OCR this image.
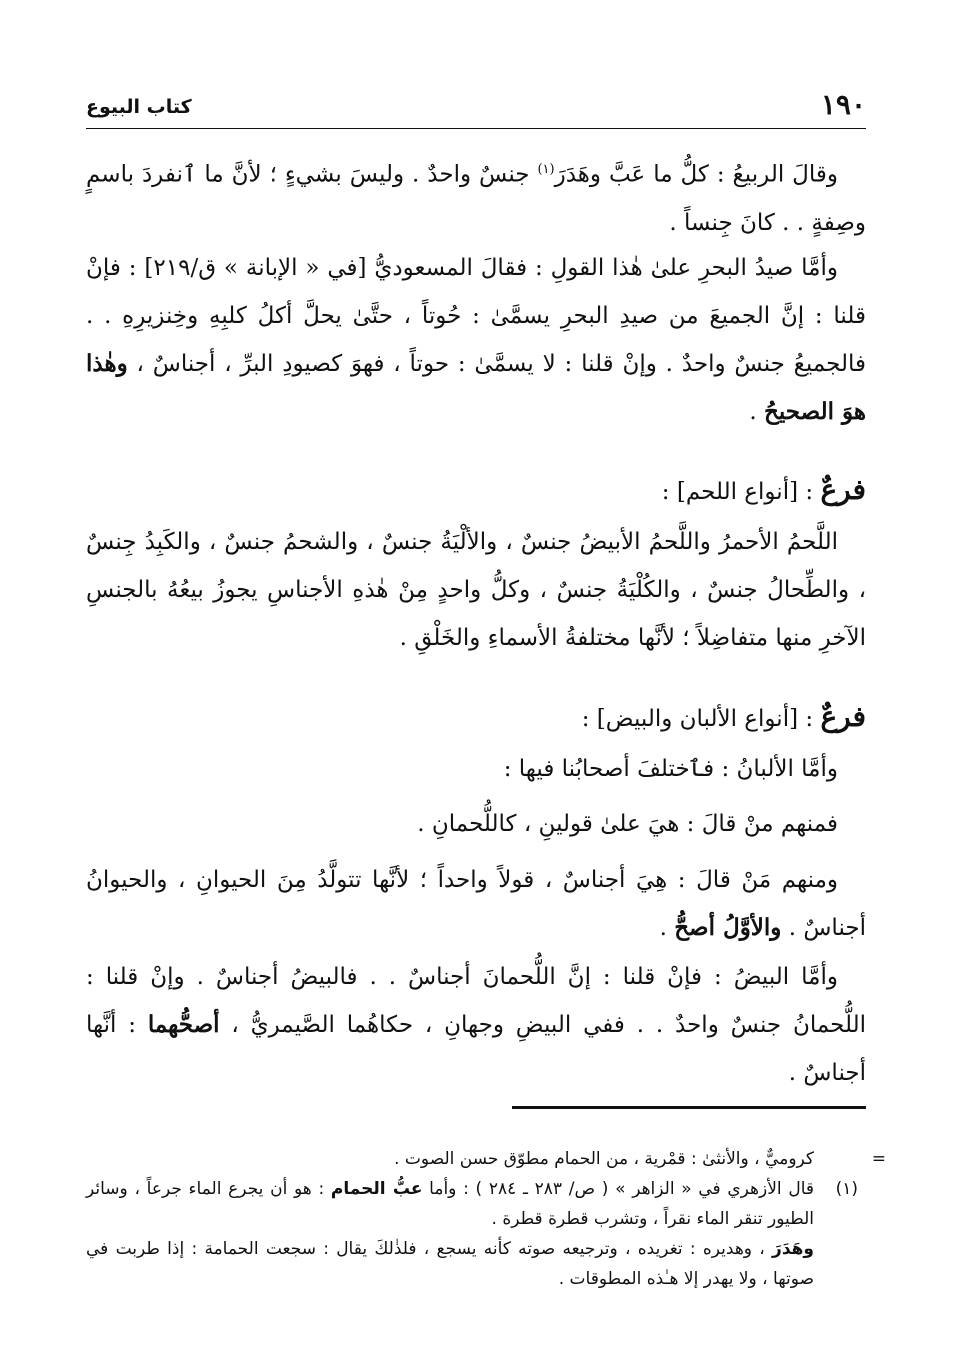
١٩٠
كتاب البيوع

وقالَ الربيعُ : كلُّ ما عَبَّ وهَدَرَ$^{(١)}$ جنسٌ واحدٌ . وليسَ بشيءٍ ؛ لأنَّ ما ٱنفردَ باسمٍ وصِفةٍ . . كانَ جِنساً .

وأمَّا صيدُ البحرِ علىٰ هٰذا القولِ : فقالَ المسعوديُّ [في « الإبانة » ق/٢١٩] : فإنْ قلنا : إنَّ الجميعَ من صيدِ البحرِ يسمَّىٰ : حُوتاً ، حتَّىٰ يحلَّ أكلُ كلبِهِ وخِنزيرِهِ . . فالجميعُ جنسٌ واحدٌ . وإنْ قلنا : لا يسمَّىٰ : حوتاً ، فهوَ كصيودِ البرِّ ، أجناسٌ ، وهٰذا هوَ الصحيحُ .

فرعٌ : [أنواع اللحم] :

اللَّحمُ الأحمرُ واللَّحمُ الأبيضُ جنسٌ ، والألْيَةُ جنسٌ ، والشحمُ جنسٌ ، والكَبِدُ جِنسٌ ، والطِّحالُ جنسٌ ، والكُلْيَةُ جنسٌ ، وكلُّ واحدٍ مِنْ هٰذهِ الأجناسِ يجوزُ بيعُهُ بالجنسِ الآخرِ منها متفاضِلاً ؛ لأنَّها مختلفةُ الأسماءِ والخَلْقِ .

فرعٌ : [أنواع الألبان والبيض] :

وأمَّا الألبانُ : فٱختلفَ أصحابُنا فيها :

فمنهم منْ قالَ : هيَ علىٰ قولينِ ، كاللُّحمانِ .

ومنهم مَنْ قالَ : هِيَ أجناسٌ ، قولاً واحداً ؛ لأنَّها تتولَّدُ مِنَ الحيوانِ ، والحيوانُ أجناسٌ . والأوَّلُ أصحُّ .

وأمَّا البيضُ : فإنْ قلنا : إنَّ اللُّحمانَ أجناسٌ . . فالبيضُ أجناسٌ . وإنْ قلنا : اللُّحمانُ جنسٌ واحدٌ . . ففي البيضِ وجهانِ ، حكاهُما الصَّيمريُّ ، أصحُّهما : أنَّها أجناسٌ .

=
كروميٌّ ، والأنثىٰ : قمْرية ، من الحمام مطوّق حسن الصوت .

(١)
قال الأزهري في « الزاهر » ( ص/ ٢٨٣ ـ ٢٨٤ ) : وأما عبُّ الحمام : هو أن يجرع الماء جرعاً ، وسائر الطيور تنقر الماء نقراً ، وتشرب قطرة قطرة .

وهَدَرَ ، وهديره : تغريده ، وترجيعه صوته كأنه يسجع ، فلذٰلكَ يقال : سجعت الحمامة : إذا طربت في صوتها ، ولا يهدر إلا هـٰذه المطوقات .
